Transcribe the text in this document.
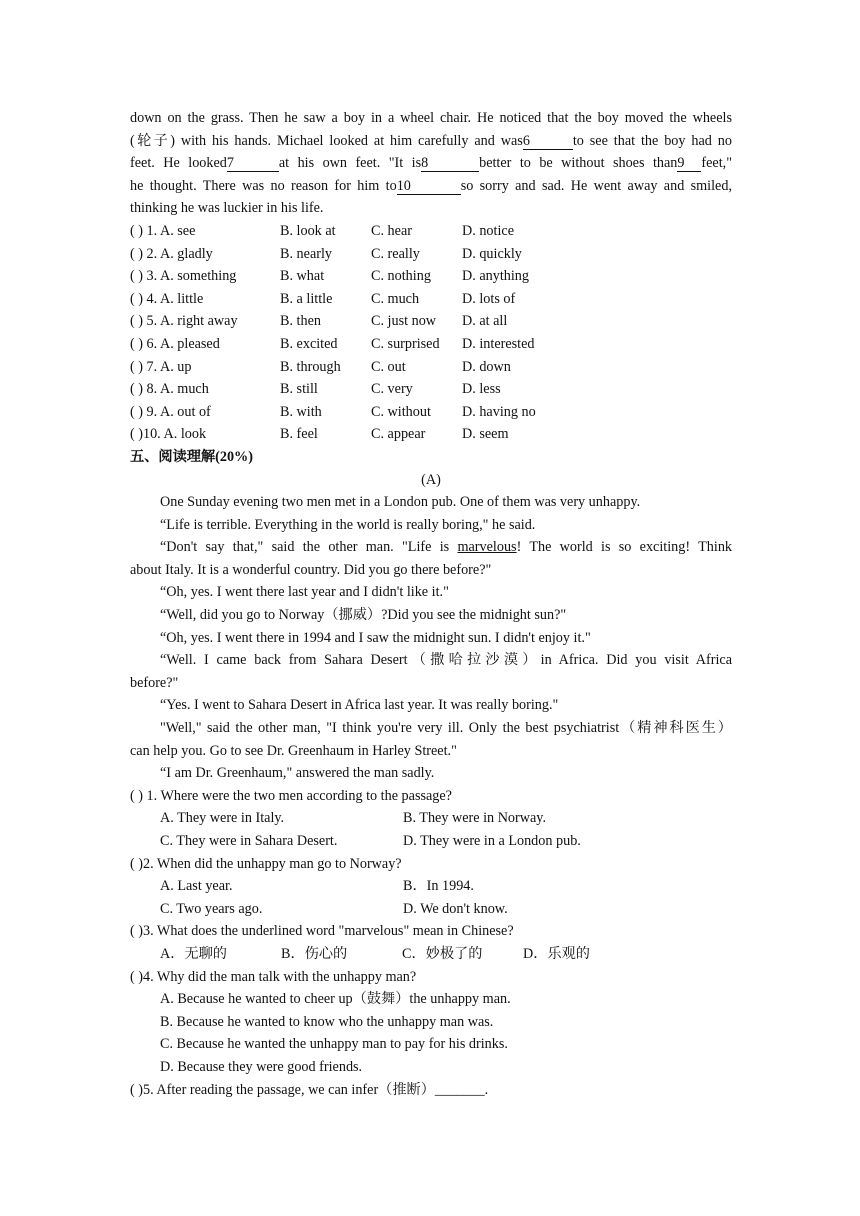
down on the grass. Then he saw a boy in a wheel chair. He noticed that the boy moved the wheels
(轮子) with his hands. Michael looked at him carefully and was6	to see that the boy had no
feet. He looked7	at his own feet. "It is8	better to be without shoes than9 feet,"
he thought. There was no reason for him to10	so sorry and sad. He went away and smiled,
thinking he was luckier in his life.
( ) 1. A. see	B. look at	C. hear	D. notice
( ) 2. A. gladly	B. nearly	C. really	D. quickly
( ) 3. A. something	B. what	C. nothing	D. anything
( ) 4. A. little	B. a little	C. much	D. lots of
( ) 5. A. right away	B. then	C. just now	D. at all
( ) 6. A. pleased	B. excited	C. surprised	D. interested
( ) 7. A. up	B. through	C. out	D. down
( ) 8. A. much	B. still	C. very	D. less
( ) 9. A. out of	B. with	C. without	D. having no
( )10. A. look	B. feel	C. appear	D. seem
五、阅读理解(20%)
(A)
One Sunday evening two men met in a London pub. One of them was very unhappy.
“Life is terrible. Everything in the world is really boring," he said.
“Don't say that," said the other man. "Life is marvelous! The world is so exciting! Think
about Italy. It is a wonderful country. Did you go there before?"
“Oh, yes. I went there last year and I didn't like it."
“Well, did you go to Norway（挪威）?Did you see the midnight sun?"
“Oh, yes. I went there in 1994 and I saw the midnight sun. I didn't enjoy it."
“Well. I came back from Sahara Desert（撒哈拉沙漠）in Africa. Did you visit Africa
before?"
“Yes. I went to Sahara Desert in Africa last year. It was really boring."
"Well," said the other man, "I think you're very ill. Only the best psychiatrist（精神科医生）
can help you. Go to see Dr. Greenhaum in Harley Street."
“I am Dr. Greenhaum," answered the man sadly.
( ) 1. Where were the two men according to the passage?
A. They were in Italy.	B. They were in Norway.
C. They were in Sahara Desert.	D. They were in a London pub.
( )2. When did the unhappy man go to Norway?
A. Last year.	B．In 1994.
C. Two years ago.	D. We don't know.
( )3. What does the underlined word "marvelous" mean in Chinese?
A．无聊的	B．伤心的	C．妙极了的	D．乐观的
( )4. Why did the man talk with the unhappy man?
A. Because he wanted to cheer up（鼓舞）the unhappy man.
B. Because he wanted to know who the unhappy man was.
C. Because he wanted the unhappy man to pay for his drinks.
D. Because they were good friends.
( )5. After reading the passage, we can infer（推断）_______.
